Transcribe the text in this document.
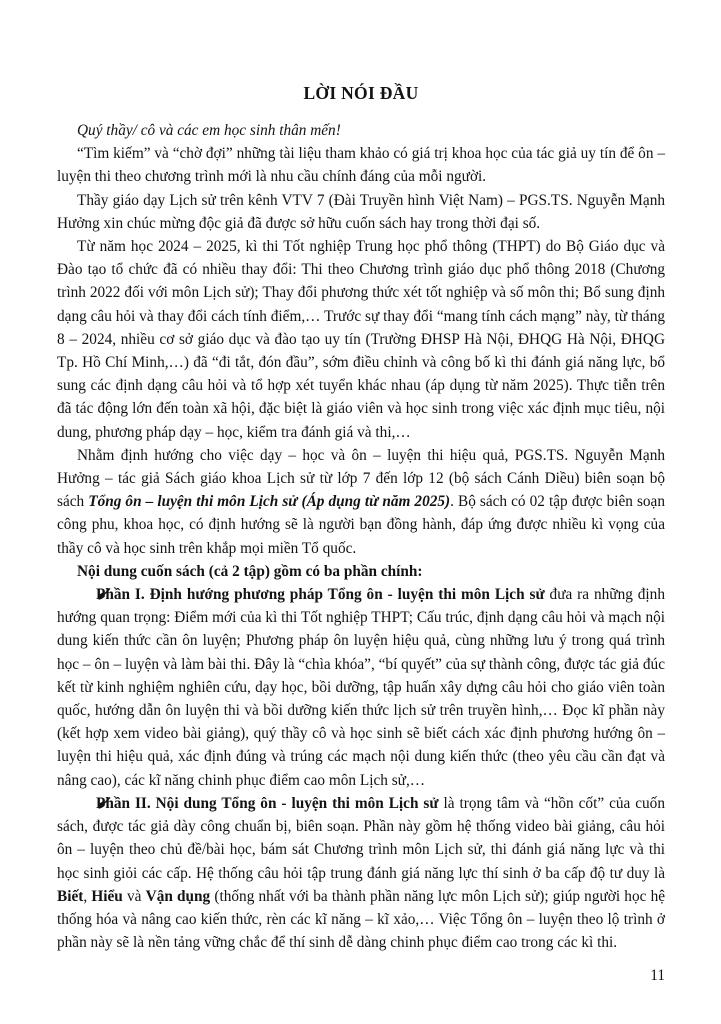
LỜI NÓI ĐẦU

Quý thầy/ cô và các em học sinh thân mến!

“Tìm kiếm” và “chờ đợi” những tài liệu tham khảo có giá trị khoa học của tác giả uy tín để ôn – luyện thi theo chương trình mới là nhu cầu chính đáng của mỗi người.

Thầy giáo dạy Lịch sử trên kênh VTV 7 (Đài Truyền hình Việt Nam) – PGS.TS. Nguyễn Mạnh Hưởng xin chúc mừng độc giả đã được sở hữu cuốn sách hay trong thời đại số.

Từ năm học 2024 – 2025, kì thi Tốt nghiệp Trung học phổ thông (THPT) do Bộ Giáo dục và Đào tạo tổ chức đã có nhiều thay đổi: Thi theo Chương trình giáo dục phổ thông 2018 (Chương trình 2022 đối với môn Lịch sử); Thay đổi phương thức xét tốt nghiệp và số môn thi; Bổ sung định dạng câu hỏi và thay đổi cách tính điểm,… Trước sự thay đổi “mang tính cách mạng” này, từ tháng 8 – 2024, nhiều cơ sở giáo dục và đào tạo uy tín (Trường ĐHSP Hà Nội, ĐHQG Hà Nội, ĐHQG Tp. Hồ Chí Minh,…) đã “đi tắt, đón đầu”, sớm điều chỉnh và công bố kì thi đánh giá năng lực, bổ sung các định dạng câu hỏi và tổ hợp xét tuyển khác nhau (áp dụng từ năm 2025). Thực tiễn trên đã tác động lớn đến toàn xã hội, đặc biệt là giáo viên và học sinh trong việc xác định mục tiêu, nội dung, phương pháp dạy – học, kiểm tra đánh giá và thi,…

Nhằm định hướng cho việc dạy – học và ôn – luyện thi hiệu quả, PGS.TS. Nguyễn Mạnh Hưởng – tác giả Sách giáo khoa Lịch sử từ lớp 7 đến lớp 12 (bộ sách Cánh Diều) biên soạn bộ sách Tổng ôn – luyện thi môn Lịch sử (Áp dụng từ năm 2025). Bộ sách có 02 tập được biên soạn công phu, khoa học, có định hướng sẽ là người bạn đồng hành, đáp ứng được nhiều kì vọng của thầy cô và học sinh trên khắp mọi miền Tổ quốc.

Nội dung cuốn sách (cả 2 tập) gồm có ba phần chính:

Phần I. Định hướng phương pháp Tổng ôn - luyện thi môn Lịch sử đưa ra những định hướng quan trọng: Điểm mới của kì thi Tốt nghiệp THPT; Cấu trúc, định dạng câu hỏi và mạch nội dung kiến thức cần ôn luyện; Phương pháp ôn luyện hiệu quả, cùng những lưu ý trong quá trình học – ôn – luyện và làm bài thi. Đây là “chìa khóa”, “bí quyết” của sự thành công, được tác giả đúc kết từ kinh nghiệm nghiên cứu, dạy học, bồi dưỡng, tập huấn xây dựng câu hỏi cho giáo viên toàn quốc, hướng dẫn ôn luyện thi và bồi dưỡng kiến thức lịch sử trên truyền hình,… Đọc kĩ phần này (kết hợp xem video bài giảng), quý thầy cô và học sinh sẽ biết cách xác định phương hướng ôn – luyện thi hiệu quả, xác định đúng và trúng các mạch nội dung kiến thức (theo yêu cầu cần đạt và nâng cao), các kĩ năng chinh phục điểm cao môn Lịch sử,…

Phần II. Nội dung Tổng ôn - luyện thi môn Lịch sử là trọng tâm và “hồn cốt” của cuốn sách, được tác giả dày công chuẩn bị, biên soạn. Phần này gồm hệ thống video bài giảng, câu hỏi ôn – luyện theo chủ đề/bài học, bám sát Chương trình môn Lịch sử, thi đánh giá năng lực và thi học sinh giỏi các cấp. Hệ thống câu hỏi tập trung đánh giá năng lực thí sinh ở ba cấp độ tư duy là Biết, Hiểu và Vận dụng (thống nhất với ba thành phần năng lực môn Lịch sử); giúp người học hệ thống hóa và nâng cao kiến thức, rèn các kĩ năng – kĩ xảo,… Việc Tổng ôn – luyện theo lộ trình ở phần này sẽ là nền tảng vững chắc để thí sinh dễ dàng chinh phục điểm cao trong các kì thi.

11
